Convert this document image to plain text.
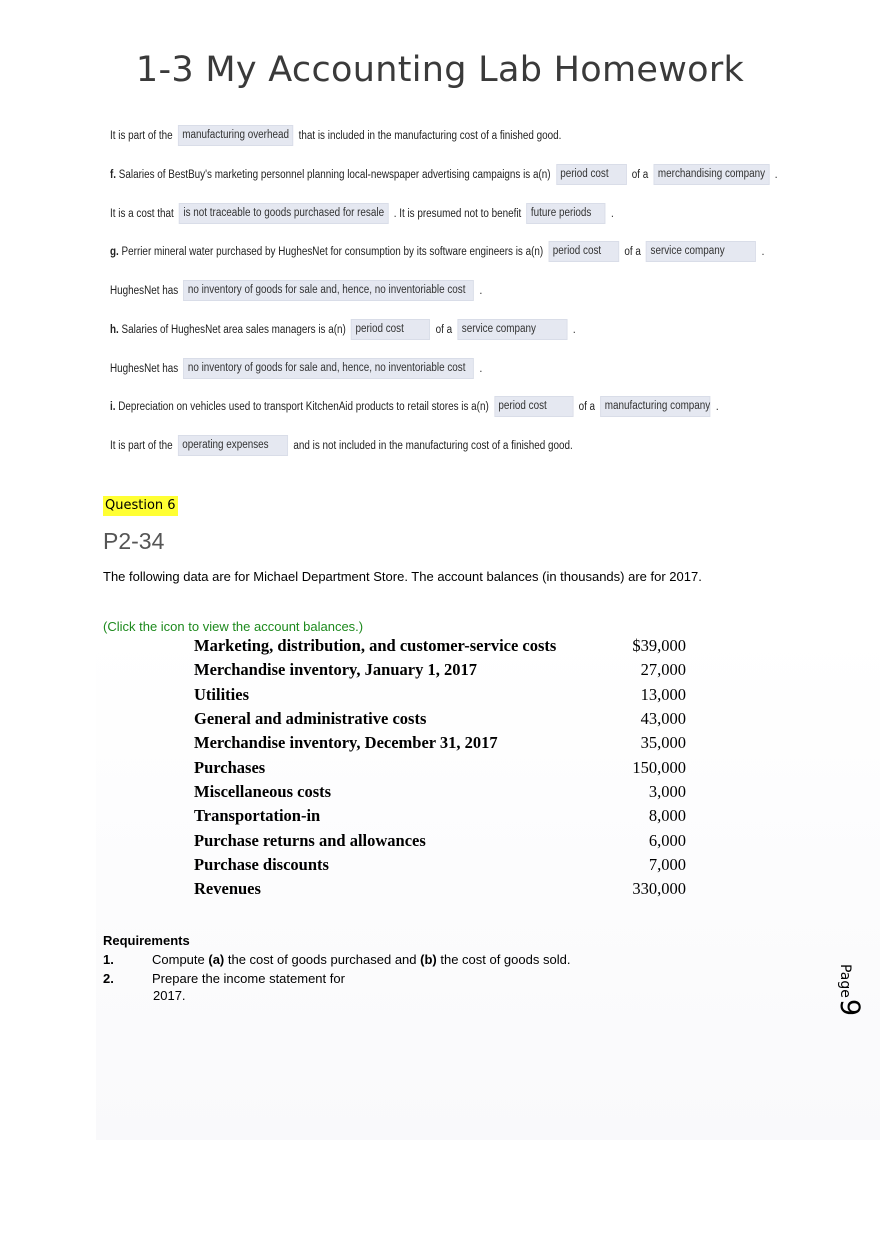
1-3 My Accounting Lab Homework
It is part of the manufacturing overhead that is included in the manufacturing cost of a finished good.
f. Salaries of BestBuy's marketing personnel planning local-newspaper advertising campaigns is a(n) period cost of a merchandising company .
It is a cost that is not traceable to goods purchased for resale . It is presumed not to benefit future periods .
g. Perrier mineral water purchased by HughesNet for consumption by its software engineers is a(n) period cost of a service company	.
HughesNet has no inventory of goods for sale and, hence, no inventoriable cost .
h. Salaries of HughesNet area sales managers is a(n) period cost	of a service company	.
HughesNet has no inventory of goods for sale and, hence, no inventoriable cost .
i. Depreciation on vehicles used to transport KitchenAid products to retail stores is a(n) period cost	of a manufacturing company .
It is part of the operating expenses and is not included in the manufacturing cost of a finished good.
Question 6
P2-34
The following data are for Michael Department Store. The account balances (in thousands) are for 2017.
(Click the icon to view the account balances.)
Marketing, distribution, and customer-service costs	$39,000
Merchandise inventory, January 1, 2017	27,000
Utilities	13,000
General and administrative costs	43,000
Merchandise inventory, December 31, 2017	35,000
Purchases	150,000
Miscellaneous costs	3,000
Transportation-in	8,000
Purchase returns and allowances	6,000
Purchase discounts	7,000
Revenues	330,000
Requirements
1.	Compute (a) the cost of goods purchased and (b) the cost of goods sold.
2.	Prepare the income statement for
2017.	Page
9
